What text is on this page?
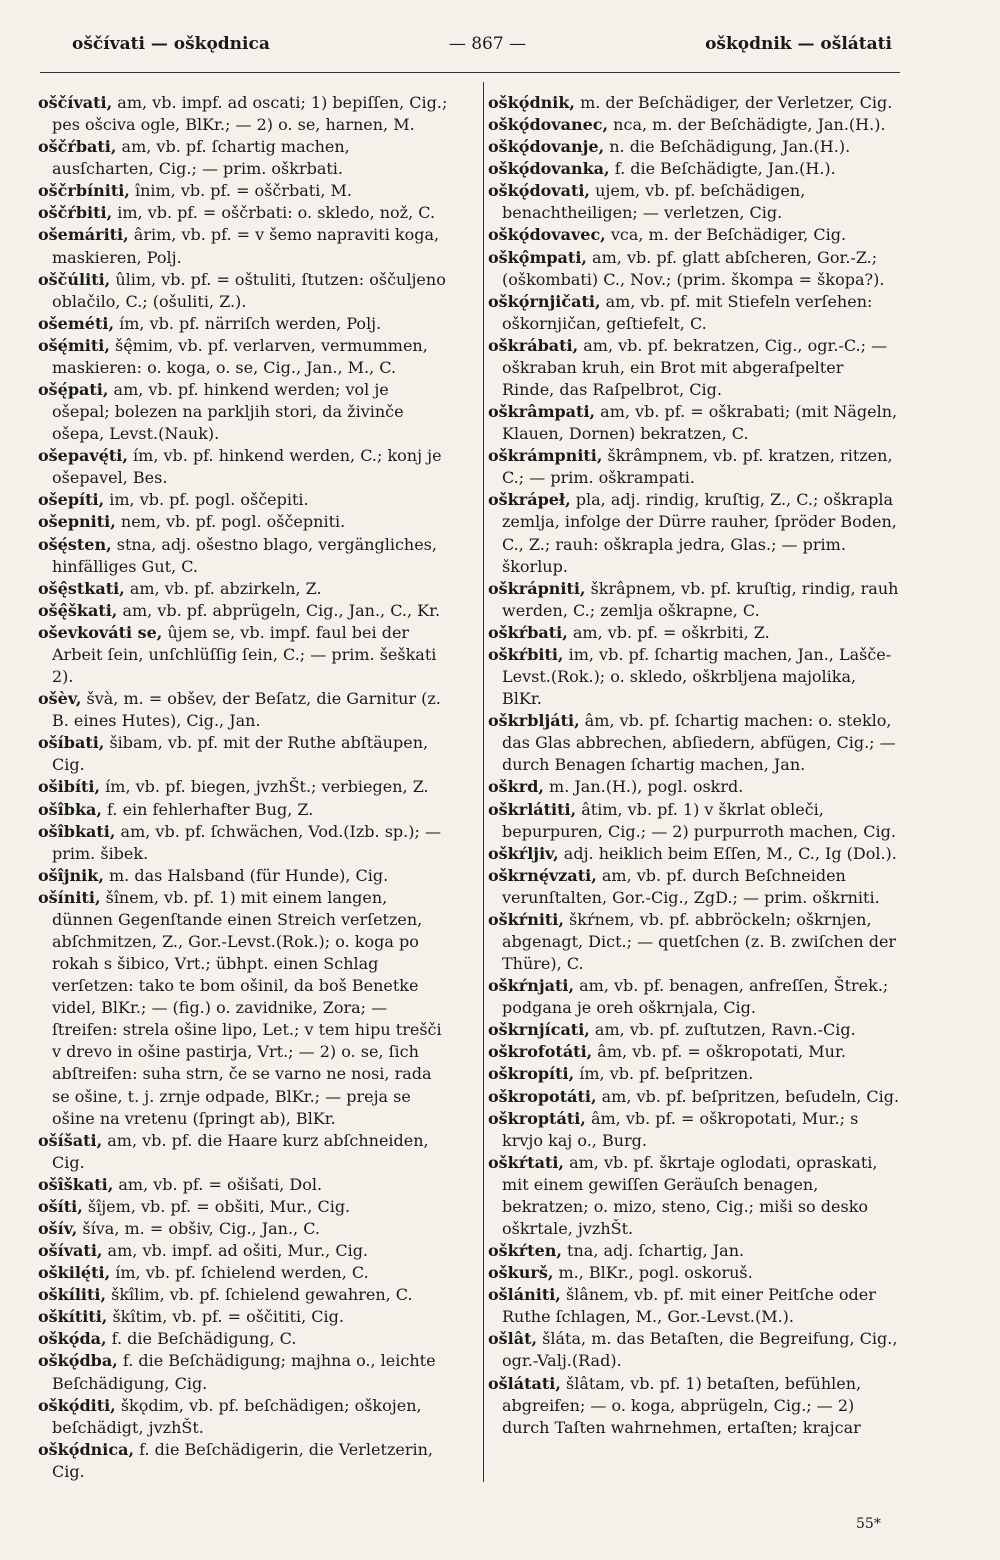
oščívati — oškǫdnica	— 867 —	oškǫdnik — ošlátati

oščívati, am, vb. impf. ad oscati; 1) bepiſſen, Cig.; pes ošciva ogle, BlKr.; — 2) o. se, harnen, M.

oščŕbati, am, vb. pf. ſchartig machen, ausſcharten, Cig.; — prim. oškrbati.

oščrbíniti, înim, vb. pf. = oščrbati, M.

oščŕbiti, im, vb. pf. = oščrbati: o. skledo, nož, C.

ošemáriti, ârim, vb. pf. = v šemo napraviti koga, maskieren, Polj.

oščúliti, ûlim, vb. pf. = oštuliti, ſtutzen: oščuljeno oblačilo, C.; (ošuliti, Z.).

ošeméti, ím, vb. pf. närriſch werden, Polj.

ošę́miti, šę̂mim, vb. pf. verlarven, vermummen, maskieren: o. koga, o. se, Cig., Jan., M., C.

ošę́pati, am, vb. pf. hinkend werden; vol je ošepal; bolezen na parkljih stori, da živinče ošepa, Levst.(Nauk).

ošepavę́ti, ím, vb. pf. hinkend werden, C.; konj je ošepavel, Bes.

ošepíti, im, vb. pf. pogl. oščepiti.

ošepniti, nem, vb. pf. pogl. oščepniti.

ošę́sten, stna, adj. ošestno blago, vergängliches, hinfälliges Gut, C.

ošę̂stkati, am, vb. pf. abzirkeln, Z.

ošę̂škati, am, vb. pf. abprügeln, Cig., Jan., C., Kr.

oševkováti se, ûjem se, vb. impf. faul bei der Arbeit ſein, unſchlüſſig ſein, C.; — prim. šeškati 2).

ošèv, švà, m. = obšev, der Beſatz, die Garnitur (z. B. eines Hutes), Cig., Jan.

ošíbati, šibam, vb. pf. mit der Ruthe abſtäupen, Cig.

ošibíti, ím, vb. pf. biegen, jvzhŠt.; verbiegen, Z.

ošîbka, f. ein fehlerhafter Bug, Z.

ošîbkati, am, vb. pf. ſchwächen, Vod.(Izb. sp.); — prim. šibek.

ošîjnik, m. das Halsband (für Hunde), Cig.

ošíniti, šînem, vb. pf. 1) mit einem langen, dünnen Gegenſtande einen Streich verſetzen, abſchmitzen, Z., Gor.-Levst.(Rok.); o. koga po rokah s šibico, Vrt.; übhpt. einen Schlag verſetzen: tako te bom ošinil, da boš Benetke videl, BlKr.; — (fig.) o. zavidnike, Zora; — ſtreifen: strela ošine lipo, Let.; v tem hipu trešči v drevo in ošine pastirja, Vrt.; — 2) o. se, ſich abſtreifen: suha strn, če se varno ne nosi, rada se ošine, t. j. zrnje odpade, BlKr.; — preja se ošine na vretenu (ſpringt ab), BlKr.

ošíšati, am, vb. pf. die Haare kurz abſchneiden, Cig.

ošîškati, am, vb. pf. = ošišati, Dol.

ošíti, šîjem, vb. pf. = obšiti, Mur., Cig.

ošív, šíva, m. = obšiv, Cig., Jan., C.

ošívati, am, vb. impf. ad ošiti, Mur., Cig.

oškilę́ti, ím, vb. pf. ſchielend werden, C.

oškíliti, škîlim, vb. pf. ſchielend gewahren, C.

oškítiti, škîtim, vb. pf. = oščititi, Cig.

oškǫ́da, f. die Beſchädigung, C.

oškǫ́dba, f. die Beſchädigung; majhna o., leichte Beſchädigung, Cig.

oškǫ́diti, škǫdim, vb. pf. beſchädigen; oškojen, beſchädigt, jvzhŠt.

oškǫ́dnica, f. die Beſchädigerin, die Verletzerin, Cig.

oškǫ́dnik, m. der Beſchädiger, der Verletzer, Cig.

oškǫ́dovanec, nca, m. der Beſchädigte, Jan.(H.).

oškǫ́dovanje, n. die Beſchädigung, Jan.(H.).

oškǫ́dovanka, f. die Beſchädigte, Jan.(H.).

oškǫ́dovati, ujem, vb. pf. beſchädigen, benachtheiligen; — verletzen, Cig.

oškǫ́dovavec, vca, m. der Beſchädiger, Cig.

oškǫ̂mpati, am, vb. pf. glatt abſcheren, Gor.-Z.; (oškombati) C., Nov.; (prim. škompa = škopa?).

oškǫ́rnjičati, am, vb. pf. mit Stiefeln verſehen: oškornjičan, geſtiefelt, C.

oškrábati, am, vb. pf. bekratzen, Cig., ogr.-C.; — oškraban kruh, ein Brot mit abgeraſpelter Rinde, das Raſpelbrot, Cig.

oškrâmpati, am, vb. pf. = oškrabati; (mit Nägeln, Klauen, Dornen) bekratzen, C.

oškrámpniti, škrâmpnem, vb. pf. kratzen, ritzen, C.; — prim. oškrampati.

oškrápeł, pla, adj. rindig, kruſtig, Z., C.; oškrapla zemlja, infolge der Dürre rauher, ſpröder Boden, C., Z.; rauh: oškrapla jedra, Glas.; — prim. škorlup.

oškrápniti, škrâpnem, vb. pf. kruſtig, rindig, rauh werden, C.; zemlja oškrapne, C.

oškŕbati, am, vb. pf. = oškrbiti, Z.

oškŕbiti, im, vb. pf. ſchartig machen, Jan., Lašče-Levst.(Rok.); o. skledo, oškrbljena majolika, BlKr.

oškrbljáti, âm, vb. pf. ſchartig machen: o. steklo, das Glas abbrechen, abſiedern, abfügen, Cig.; — durch Benagen ſchartig machen, Jan.

oškrd, m. Jan.(H.), pogl. oskrd.

oškrlátiti, âtim, vb. pf. 1) v škrlat obleči, bepurpuren, Cig.; — 2) purpurroth machen, Cig.

oškŕljiv, adj. heiklich beim Eſſen, M., C., Ig (Dol.).

oškrnę́vzati, am, vb. pf. durch Beſchneiden verunſtalten, Gor.-Cig., ZgD.; — prim. oškrniti.

oškŕniti, škŕnem, vb. pf. abbröckeln; oškrnjen, abgenagt, Dict.; — quetſchen (z. B. zwiſchen der Thüre), C.

oškŕnjati, am, vb. pf. benagen, anfreſſen, Štrek.; podgana je oreh oškrnjala, Cig.

oškrnjícati, am, vb. pf. zuſtutzen, Ravn.-Cig.

oškrofotáti, âm, vb. pf. = oškropotati, Mur.

oškropíti, ím, vb. pf. beſpritzen.

oškropotáti, am, vb. pf. beſpritzen, beſudeln, Cig.

oškroptáti, âm, vb. pf. = oškropotati, Mur.; s krvjo kaj o., Burg.

oškŕtati, am, vb. pf. škrtaje oglodati, opraskati, mit einem gewiſſen Geräuſch benagen, bekratzen; o. mizo, steno, Cig.; miši so desko oškrtale, jvzhŠt.

oškŕten, tna, adj. ſchartig, Jan.

oškurš, m., BlKr., pogl. oskoruš.

ošlániti, šlânem, vb. pf. mit einer Peitſche oder Ruthe ſchlagen, M., Gor.-Levst.(M.).

ošlât, šláta, m. das Betaſten, die Begreifung, Cig., ogr.-Valj.(Rad).

ošlátati, šlâtam, vb. pf. 1) betaſten, befühlen, abgreifen; — o. koga, abprügeln, Cig.; — 2) durch Taſten wahrnehmen, ertaſten; krajcar

55*
